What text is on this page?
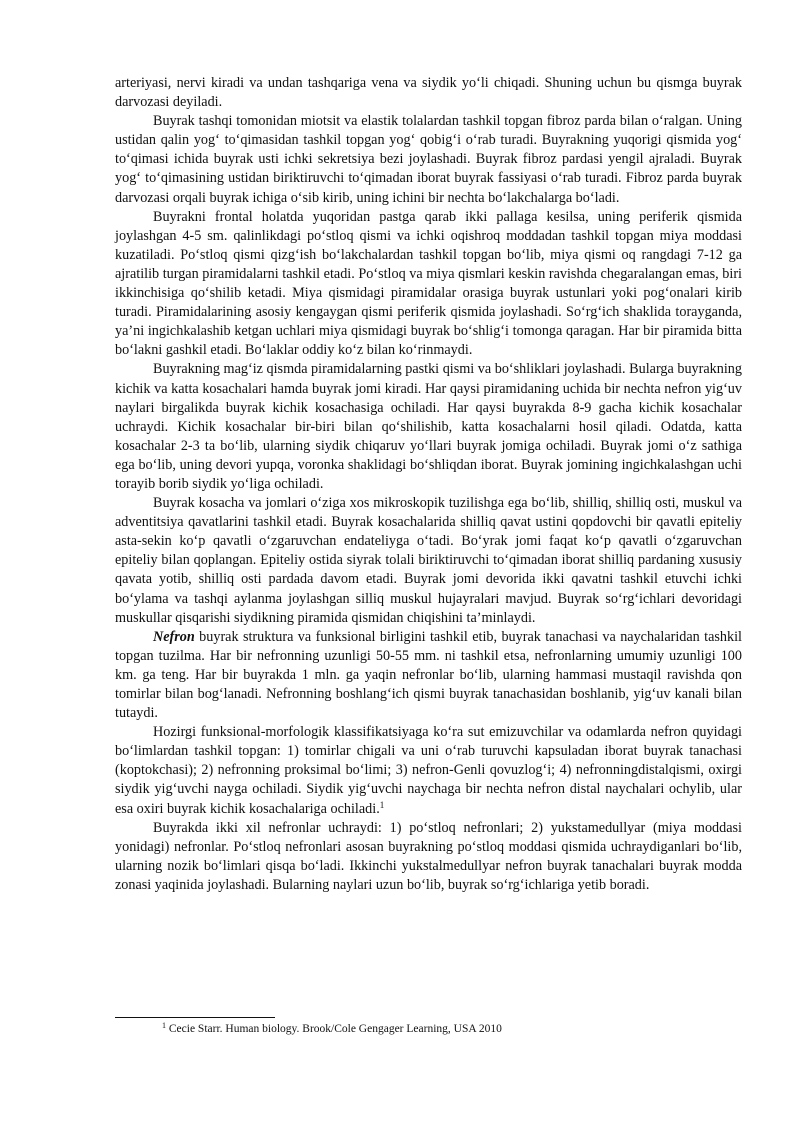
arteriyasi, nervi kiradi va undan tashqariga vena va siydik yo‘li chiqadi. Shuning uchun bu qismga buyrak darvozasi deyiladi.

Buyrak tashqi tomonidan miotsit va elastik tolalardan tashkil topgan fibroz parda bilan o‘ralgan. Uning ustidan qalin yog‘ to‘qimasidan tashkil topgan yog‘ qobig‘i o‘rab turadi. Buyrakning yuqorigi qismida yog‘ to‘qimasi ichida buyrak usti ichki sekretsiya bezi joylashadi. Buyrak fibroz pardasi yengil ajraladi. Buyrak yog‘ to‘qimasining ustidan biriktiruvchi to‘qimadan iborat buyrak fassiyasi o‘rab turadi. Fibroz parda buyrak darvozasi orqali buyrak ichiga o‘sib kirib, uning ichini bir nechta bo‘lakchalarga bo‘ladi.

Buyrakni frontal holatda yuqoridan pastga qarab ikki pallaga kesilsa, uning periferik qismida joylashgan 4-5 sm. qalinlikdagi po‘stloq qismi va ichki oqishroq moddadan tashkil topgan miya moddasi kuzatiladi. Po‘stloq qismi qizg‘ish bo‘lakchalardan tashkil topgan bo‘lib, miya qismi oq rangdagi 7-12 ga ajratilib turgan piramidalarni tashkil etadi. Po‘stloq va miya qismlari keskin ravishda chegaralangan emas, biri ikkinchisiga qo‘shilib ketadi. Miya qismidagi piramidalar orasiga buyrak ustunlari yoki pog‘onalari kirib turadi. Piramidalarining asosiy kengaygan qismi periferik qismida joylashadi. So‘rg‘ich shaklida torayganda, ya’ni ingichkalashib ketgan uchlari miya qismidagi buyrak bo‘shlig‘i tomonga qaragan. Har bir piramida bitta bo‘lakni gashkil etadi. Bo‘laklar oddiy ko‘z bilan ko‘rinmaydi.

Buyrakning mag‘iz qismda piramidalarning pastki qismi va bo‘shliklari joylashadi. Bularga buyrakning kichik va katta kosachalari hamda buyrak jomi kiradi. Har qaysi piramidaning uchida bir nechta nefron yig‘uv naylari birgalikda buyrak kichik kosachasiga ochiladi. Har qaysi buyrakda 8-9 gacha kichik kosachalar uchraydi. Kichik kosachalar bir-biri bilan qo‘shilishib, katta kosachalarni hosil qiladi. Odatda, katta kosachalar 2-3 ta bo‘lib, ularning siydik chiqaruv yo‘llari buyrak jomiga ochiladi. Buyrak jomi o‘z sathiga ega bo‘lib, uning devori yupqa, voronka shaklidagi bo‘shliqdan iborat. Buyrak jomining ingichkalashgan uchi torayib borib siydik yo‘liga ochiladi.

Buyrak kosacha va jomlari o‘ziga xos mikroskopik tuzilishga ega bo‘lib, shilliq, shilliq osti, muskul va adventitsiya qavatlarini tashkil etadi. Buyrak kosachalarida shilliq qavat ustini qopdovchi bir qavatli epiteliy asta-sekin ko‘p qavatli o‘zgaruvchan endateliyga o‘tadi. Bo‘yrak jomi faqat ko‘p qavatli o‘zgaruvchan epiteliy bilan qoplangan. Epiteliy ostida siyrak tolali biriktiruvchi to‘qimadan iborat shilliq pardaning xususiy qavata yotib, shilliq osti pardada davom etadi. Buyrak jomi devorida ikki qavatni tashkil etuvchi ichki bo‘ylama va tashqi aylanma joylashgan silliq muskul hujayralari mavjud. Buyrak so‘rg‘ichlari devoridagi muskullar qisqarishi siydikning piramida qismidan chiqishini ta’minlaydi.

Nefron buyrak struktura va funksional birligini tashkil etib, buyrak tanachasi va naychalaridan tashkil topgan tuzilma. Har bir nefronning uzunligi 50-55 mm. ni tashkil etsa, nefronlarning umumiy uzunligi 100 km. ga teng. Har bir buyrakda 1 mln. ga yaqin nefronlar bo‘lib, ularning hammasi mustaqil ravishda qon tomirlar bilan bog‘lanadi. Nefronning boshlang‘ich qismi buyrak tanachasidan boshlanib, yig‘uv kanali bilan tutaydi.

Hozirgi funksional-morfologik klassifikatsiyaga ko‘ra sut emizuvchilar va odamlarda nefron quyidagi bo‘limlardan tashkil topgan: 1) tomirlar chigali va uni o‘rab turuvchi kapsuladan iborat buyrak tanachasi (koptokchasi); 2) nefronning proksimal bo‘limi; 3) nefron-Genli qovuzlog‘i; 4) nefronningdistalqismi, oxirgi siydik yig‘uvchi nayga ochiladi. Siydik yig‘uvchi naychaga bir nechta nefron distal naychalari ochylib, ular esa oxiri buyrak kichik kosachalariga ochiladi.$^1$

Buyrakda ikki xil nefronlar uchraydi: 1) po‘stloq nefronlari; 2) yukstamedullyar (miya moddasi yonidagi) nefronlar. Po‘stloq nefronlari asosan buyrakning po‘stloq moddasi qismida uchraydiganlari bo‘lib, ularning nozik bo‘limlari qisqa bo‘ladi. Ikkinchi yukstalmedullyar nefron buyrak tanachalari buyrak modda zonasi yaqinida joylashadi. Bularning naylari uzun bo‘lib, buyrak so‘rg‘ichlariga yetib boradi.

$^1$ Cecie Starr. Human biology. Brook/Cole Gengager Learning, USA 2010
